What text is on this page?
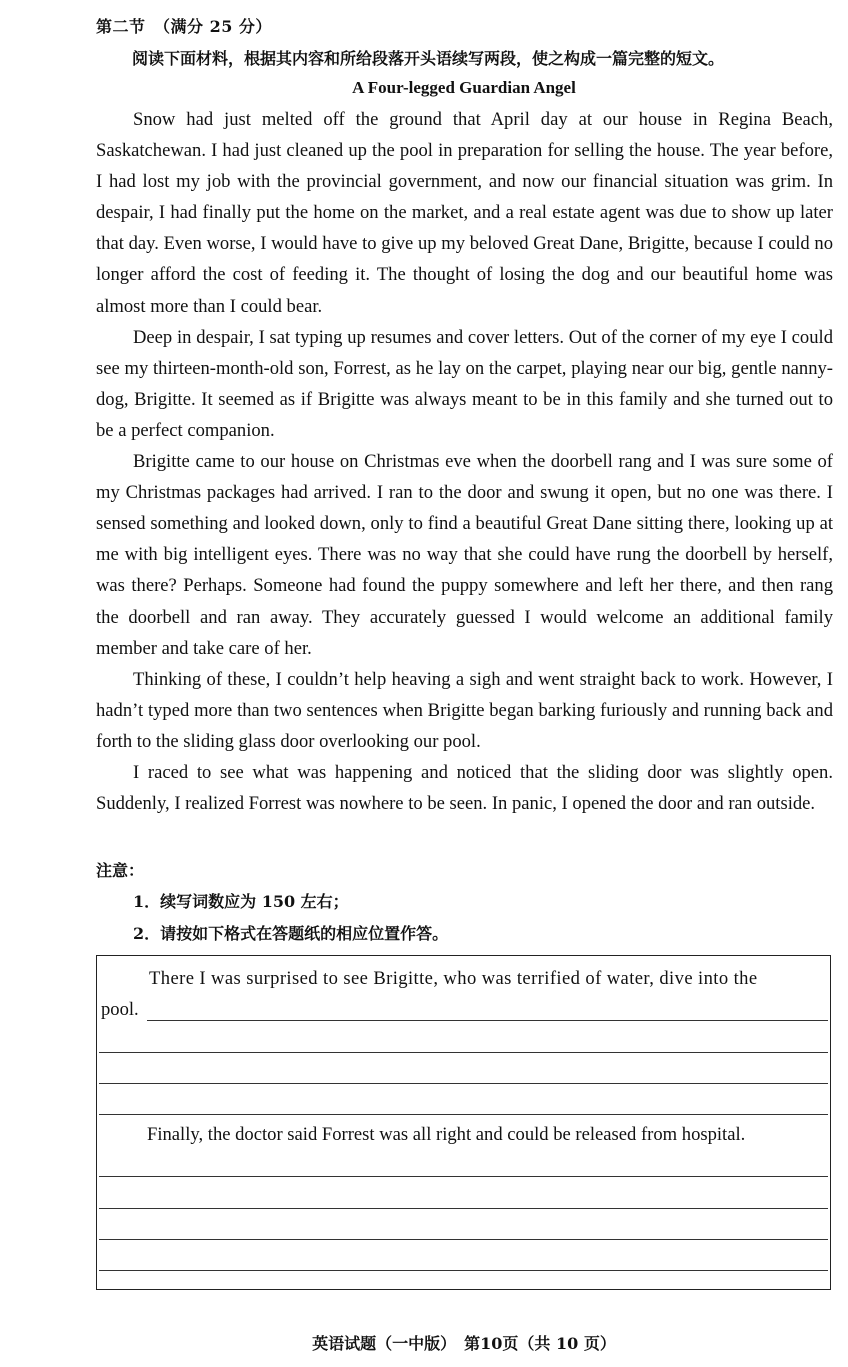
第二节　（满分 25 分）
阅读下面材料，根据其内容和所给段落开头语续写两段，使之构成一篇完整的短文。
A Four-legged Guardian Angel

Snow had just melted off the ground that April day at our house in Regina Beach, Saskatchewan. I had just cleaned up the pool in preparation for selling the house. The year before, I had lost my job with the provincial government, and now our financial situation was grim. In despair, I had finally put the home on the market, and a real estate agent was due to show up later that day. Even worse, I would have to give up my beloved Great Dane, Brigitte, because I could no longer afford the cost of feeding it. The thought of losing the dog and our beautiful home was almost more than I could bear.

Deep in despair, I sat typing up resumes and cover letters. Out of the corner of my eye I could see my thirteen-month-old son, Forrest, as he lay on the carpet, playing near our big, gentle nanny-dog, Brigitte. It seemed as if Brigitte was always meant to be in this family and she turned out to be a perfect companion.

Brigitte came to our house on Christmas eve when the doorbell rang and I was sure some of my Christmas packages had arrived. I ran to the door and swung it open, but no one was there. I sensed something and looked down, only to find a beautiful Great Dane sitting there, looking up at me with big intelligent eyes. There was no way that she could have rung the doorbell by herself, was there? Perhaps. Someone had found the puppy somewhere and left her there, and then rang the doorbell and ran away. They accurately guessed I would welcome an additional family member and take care of her.

Thinking of these, I couldn’t help heaving a sigh and went straight back to work. However, I hadn’t typed more than two sentences when Brigitte began barking furiously and running back and forth to the sliding glass door overlooking our pool.

I raced to see what was happening and noticed that the sliding door was slightly open. Suddenly, I realized Forrest was nowhere to be seen. In panic, I opened the door and ran outside.

注意：
1．续写词数应为 150 左右；
2．请按如下格式在答题纸的相应位置作答。
There I was surprised to see Brigitte, who was terrified of water, dive into the
pool.
Finally, the doctor said Forrest was all right and could be released from hospital.
英语试题（一中版）　第10页（共 10 页）
